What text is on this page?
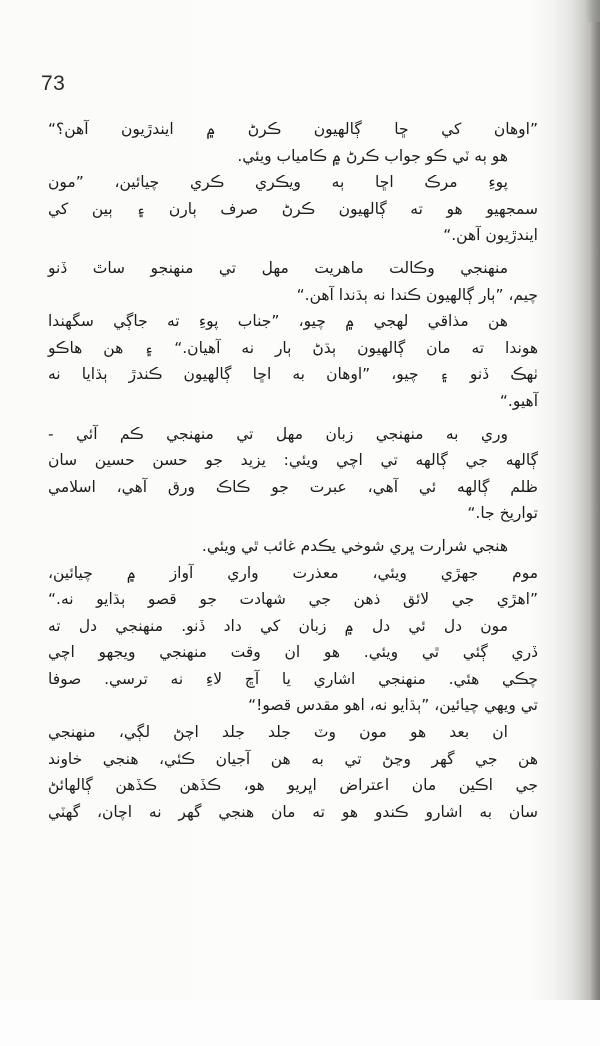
73
”اوهان کي ڇا ڳالهيون ڪرڻ ۾ ايندڙيون آهن؟“
هو ٻه ٽي ڪو جواب ڪرڻ ۾ ڪامياب ويئي.
پوءِ مرڪ اڇا ٻه ويڪري ڪري چيائين، ”مون
سمجهيو هو ته ڳالهيون ڪرڻ صرف ٻارن ۽ ٻين کي
ايندڙيون آهن.“
منهنجي وڪالت ماهريت مهل تي منهنجو ساٿ ڏنو
چيم، ”ٻار ڳالهيون ڪندا نه ٻڌندا آهن.“
هن مذاقي لهجي ۾ چيو، ”جناب پوءِ ته جاڳي سگهندا
هوندا ته مان ڳالهيون ٻڌڻ ٻار نه آهيان.“ ۽ هن هاڪو
ٺهڪ ڏنو ۽ چيو، ”اوهان به اڇا ڳالهيون ڪندڙ ٻڌايا نه
آهيو.“
وري به منهنجي زبان مهل تي منهنجي ڪم آئي -
ڳالهه جي ڳالهه تي اچي ويئي: يزيد جو حسن حسين سان
ظلم ڳالهه ئي آهي، عبرت جو ڪاڪ ورق آهي، اسلامي
تواريخ جا.“
هنجي شرارت ڀري شوخي يڪدم غائب ٿي ويئي.
موم جهڙي ويئي، معذرت واري آواز ۾ چيائين،
”اهڙي جي لائق ذهن جي شهادت جو قصو ٻڌايو نه.“
مون دل ئي دل ۾ زبان کي داد ڏنو. منهنجي دل ته
ڏري ڳئي ٿي ويئي. هو ان وقت منهنجي ويجهو اچي
چڪي هئي. منهنجي اشاري يا آڇ لاءِ نه ترسي. صوفا
تي ويهي چيائين، ”ٻڌايو نه، اهو مقدس قصو!“
ان بعد هو مون وٽ جلد جلد اچڻ لڳي، منهنجي
هن جي گهر وڃڻ تي به هن آجيان ڪئي، هنجي خاوند
جي اڪين مان اعتراض اڀريو هو، ڪڏهن ڪڏهن ڳالهائڻ
سان به اشارو ڪندو هو ته مان هنجي گهر نه اچان، گهٽي
